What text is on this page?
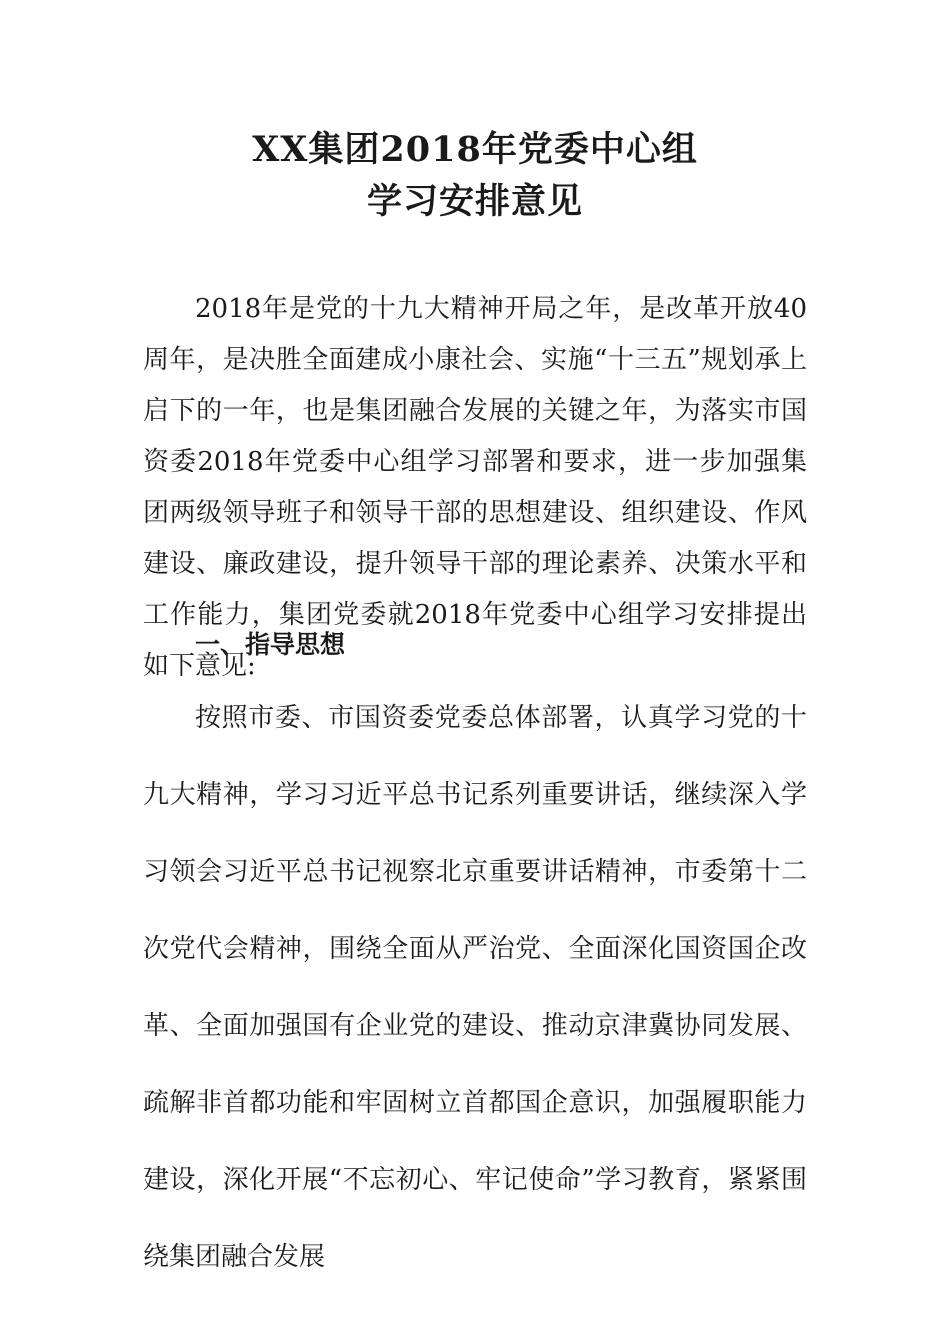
XX集团2018年党委中心组
学习安排意见
2018年是党的十九大精神开局之年，是改革开放40周年，是决胜全面建成小康社会、实施“十三五”规划承上启下的一年，也是集团融合发展的关键之年，为落实市国资委2018年党委中心组学习部署和要求，进一步加强集团两级领导班子和领导干部的思想建设、组织建设、作风建设、廉政建设，提升领导干部的理论素养、决策水平和工作能力，集团党委就2018年党委中心组学习安排提出如下意见:
一、指导思想
按照市委、市国资委党委总体部署，认真学习党的十九大精神，学习习近平总书记系列重要讲话，继续深入学习领会习近平总书记视察北京重要讲话精神，市委第十二次党代会精神，围绕全面从严治党、全面深化国资国企改革、全面加强国有企业党的建设、推动京津冀协同发展、疏解非首都功能和牢固树立首都国企意识，加强履职能力建设，深化开展“不忘初心、牢记使命”学习教育，紧紧围绕集团融合发展
